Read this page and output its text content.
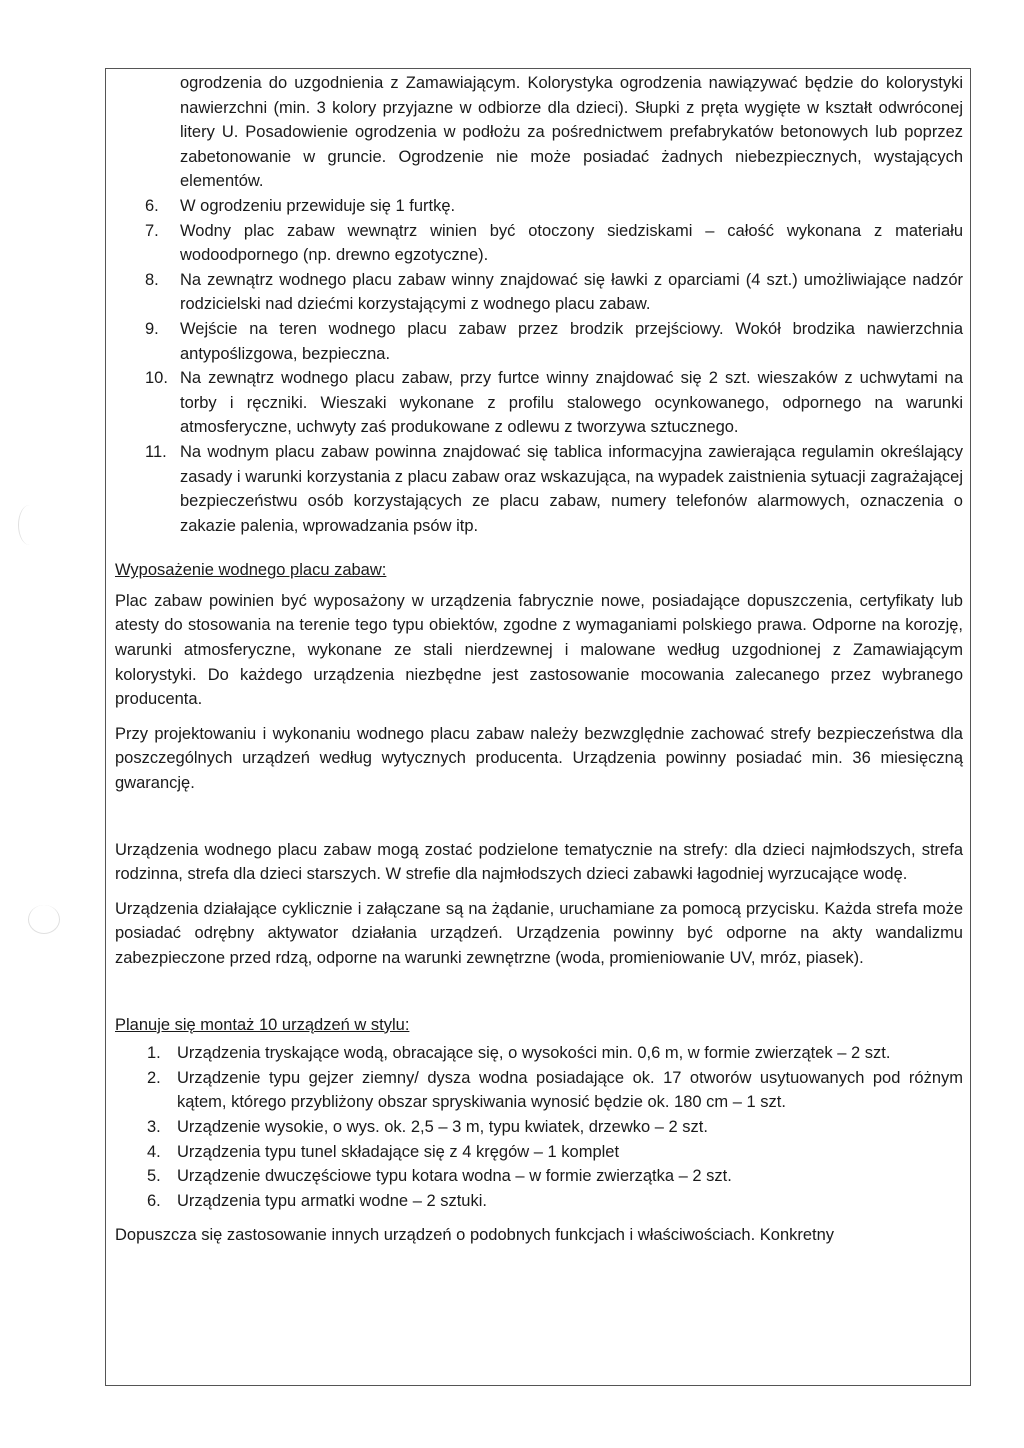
ogrodzenia do uzgodnienia z Zamawiającym. Kolorystyka ogrodzenia nawiązywać będzie do kolorystyki nawierzchni (min. 3 kolory przyjazne w odbiorze dla dzieci). Słupki z pręta wygięte w kształt odwróconej litery U. Posadowienie ogrodzenia w podłożu za pośrednictwem prefabrykatów betonowych lub poprzez zabetonowanie w gruncie. Ogrodzenie nie może posiadać żadnych niebezpiecznych, wystających elementów.
6. W ogrodzeniu przewiduje się 1 furtkę.
7. Wodny plac zabaw wewnątrz winien być otoczony siedziskami – całość wykonana z materiału wodoodpornego (np. drewno egzotyczne).
8. Na zewnątrz wodnego placu zabaw winny znajdować się ławki z oparciami (4 szt.) umożliwiające nadzór rodzicielski nad dziećmi korzystającymi z wodnego placu zabaw.
9. Wejście na teren wodnego placu zabaw przez brodzik przejściowy. Wokół brodzika nawierzchnia antypoślizgowa, bezpieczna.
10. Na zewnątrz wodnego placu zabaw, przy furtce winny znajdować się 2 szt. wieszaków z uchwytami na torby i ręczniki. Wieszaki wykonane z profilu stalowego ocynkowanego, odpornego na warunki atmosferyczne, uchwyty zaś produkowane z odlewu z tworzywa sztucznego.
11. Na wodnym placu zabaw powinna znajdować się tablica informacyjna zawierająca regulamin określający zasady i warunki korzystania z placu zabaw oraz wskazująca, na wypadek zaistnienia sytuacji zagrażającej bezpieczeństwu osób korzystających ze placu zabaw, numery telefonów alarmowych, oznaczenia o zakazie palenia, wprowadzania psów itp.

Wyposażenie wodnego placu zabaw:

Plac zabaw powinien być wyposażony w urządzenia fabrycznie nowe, posiadające dopuszczenia, certyfikaty lub atesty do stosowania na terenie tego typu obiektów, zgodne z wymaganiami polskiego prawa. Odporne na korozję, warunki atmosferyczne, wykonane ze stali nierdzewnej i malowane według uzgodnionej z Zamawiającym kolorystyki. Do każdego urządzenia niezbędne jest zastosowanie mocowania zalecanego przez wybranego producenta.

Przy projektowaniu i wykonaniu wodnego placu zabaw należy bezwzględnie zachować strefy bezpieczeństwa dla poszczególnych urządzeń według wytycznych producenta. Urządzenia powinny posiadać min. 36 miesięczną gwarancję.

Urządzenia wodnego placu zabaw mogą zostać podzielone tematycznie na strefy: dla dzieci najmłodszych, strefa rodzinna, strefa dla dzieci starszych. W strefie dla najmłodszych dzieci zabawki łagodniej wyrzucające wodę.

Urządzenia działające cyklicznie i załączane są na żądanie, uruchamiane za pomocą przycisku. Każda strefa może posiadać odrębny aktywator działania urządzeń. Urządzenia powinny być odporne na akty wandalizmu zabezpieczone przed rdzą, odporne na warunki zewnętrzne (woda, promieniowanie UV, mróz, piasek).

Planuje się montaż 10 urządzeń w stylu:

1. Urządzenia tryskające wodą, obracające się, o wysokości min. 0,6 m, w formie zwierzątek – 2 szt.
2. Urządzenie typu gejzer ziemny/ dysza wodna posiadające ok. 17 otworów usytuowanych pod różnym kątem, którego przybliżony obszar spryskiwania wynosić będzie ok. 180 cm – 1 szt.
3. Urządzenie wysokie, o wys. ok. 2,5 – 3 m, typu kwiatek, drzewko – 2 szt.
4. Urządzenia typu tunel składające się z 4 kręgów – 1 komplet
5. Urządzenie dwuczęściowe typu kotara wodna – w formie zwierzątka – 2 szt.
6. Urządzenia typu armatki wodne – 2 sztuki.

Dopuszcza się zastosowanie innych urządzeń o podobnych funkcjach i właściwościach. Konkretny
